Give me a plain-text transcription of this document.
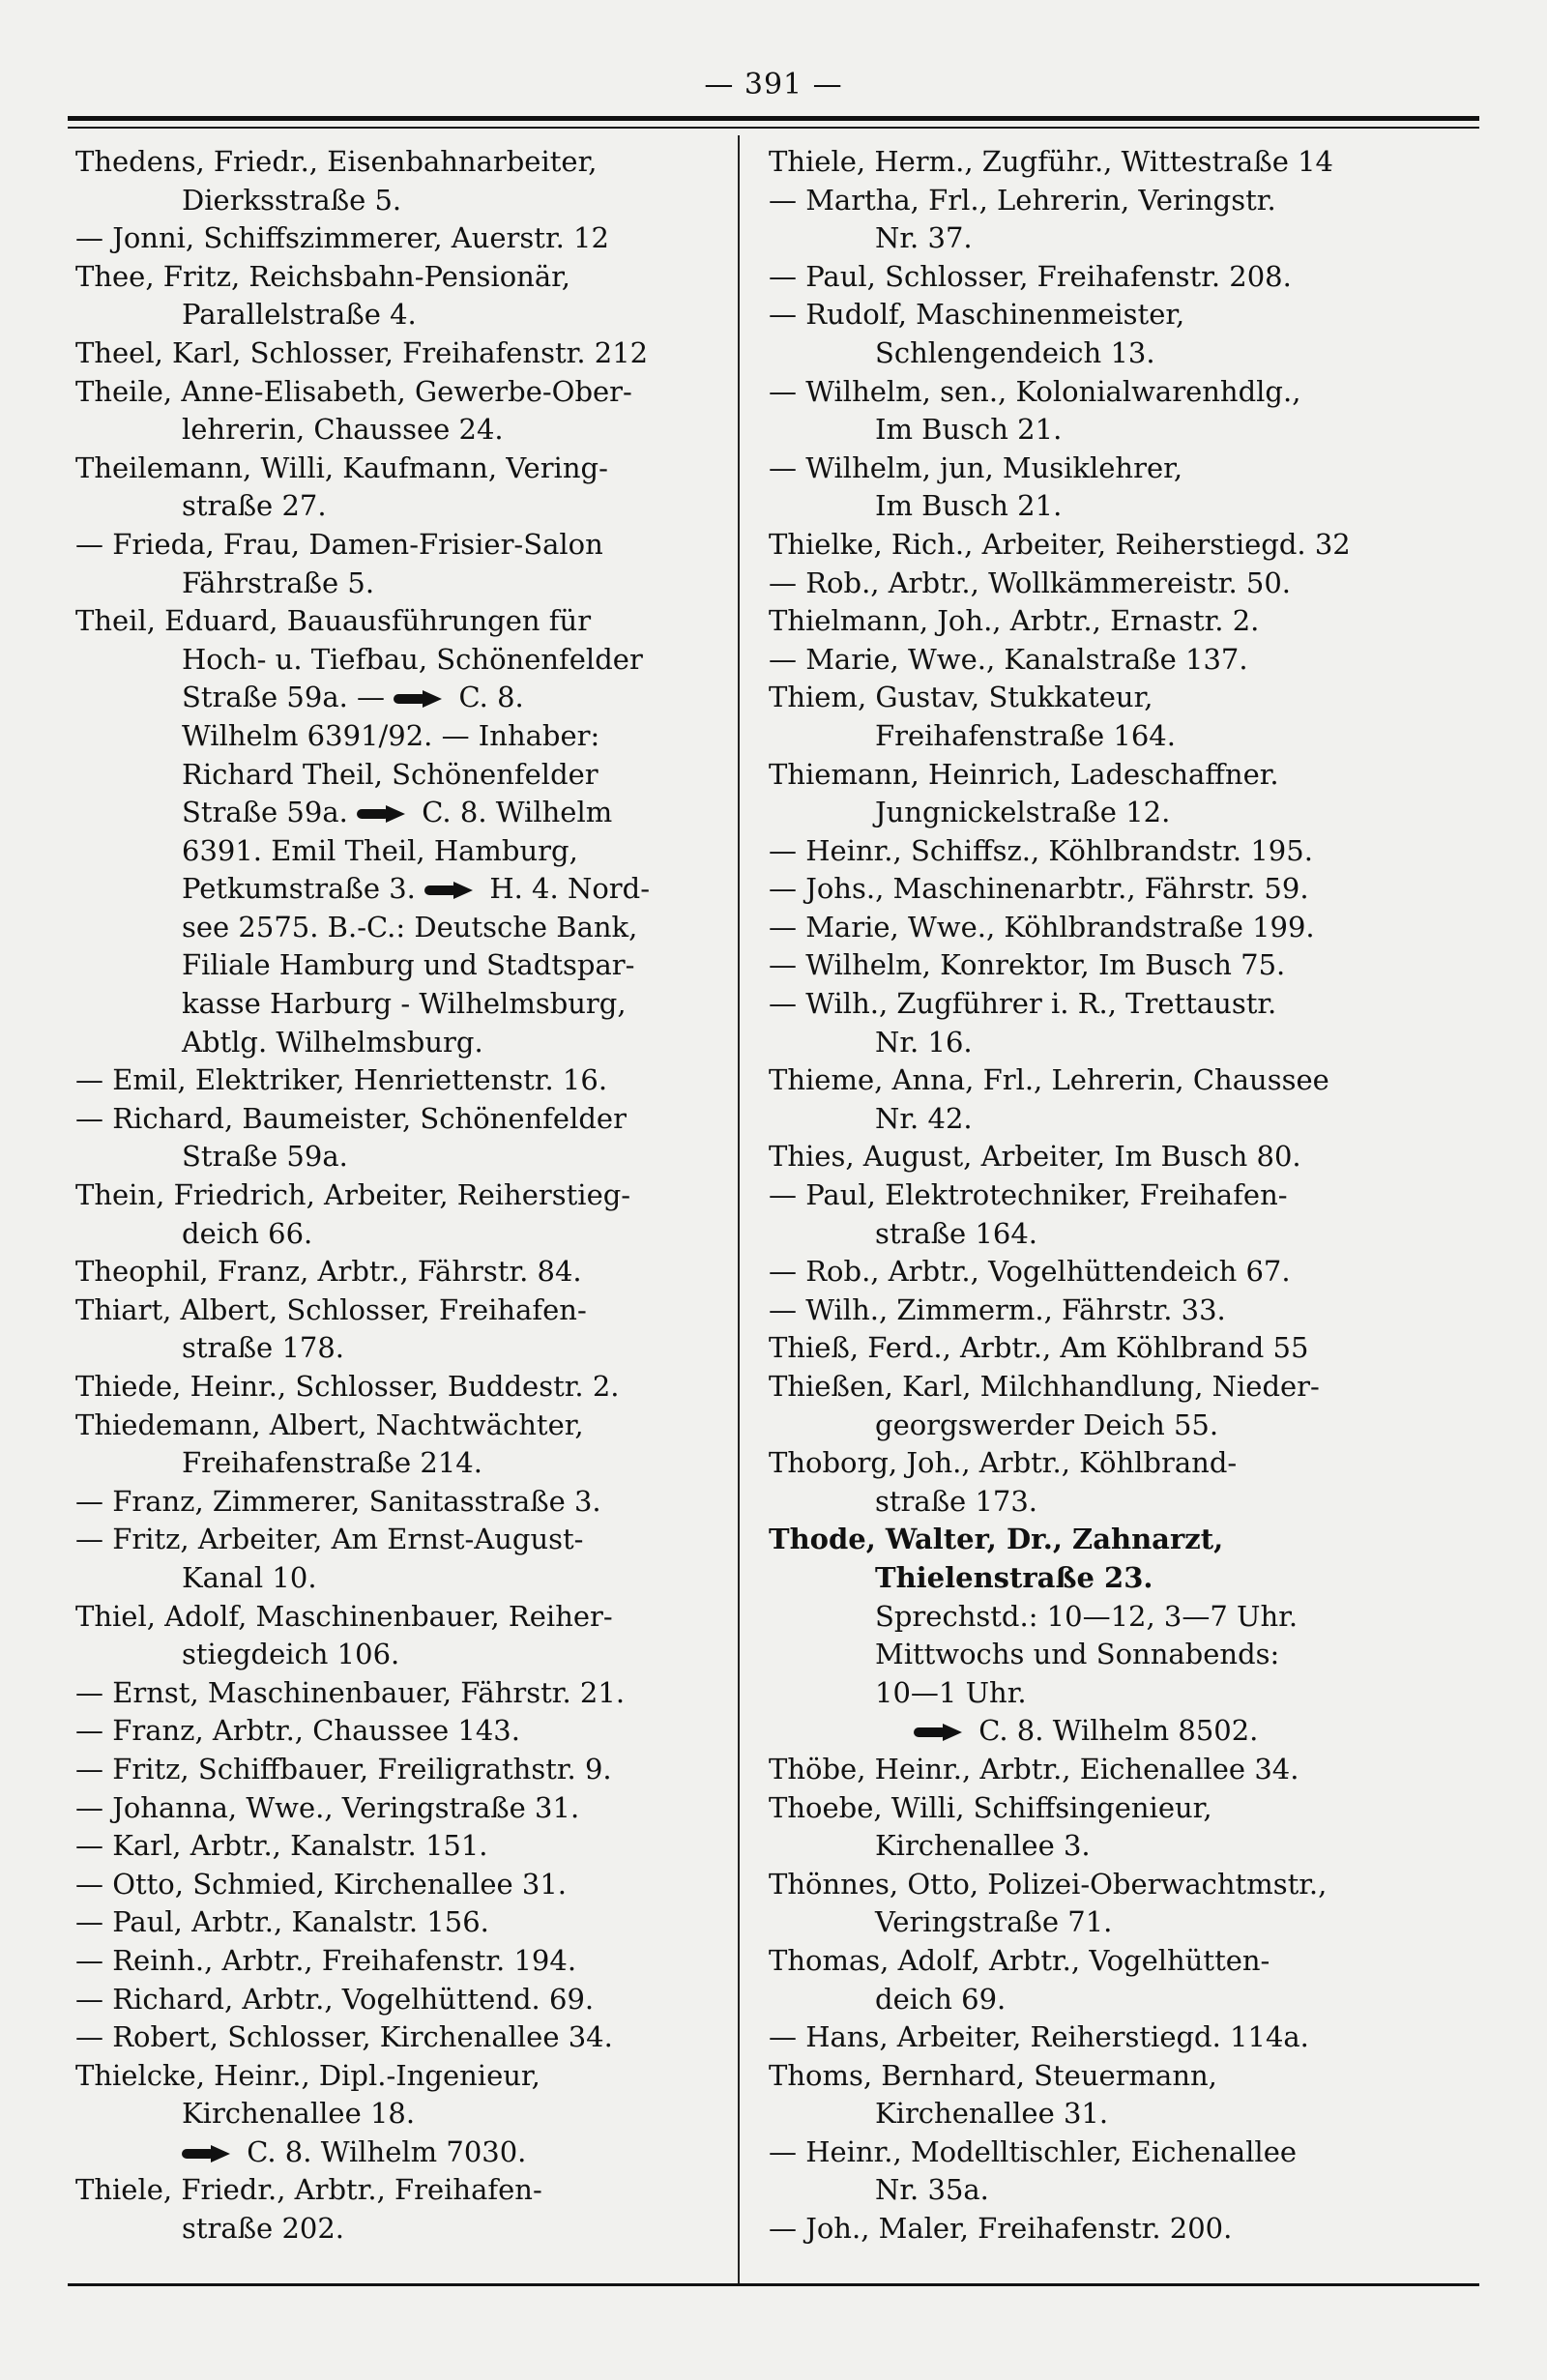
— 391 —
Thedens, Friedr., Eisenbahnarbeiter,
Dierksstraße 5.
— Jonni, Schiffszimmerer, Auerstr. 12
Thee, Fritz, Reichsbahn-Pensionär,
Parallelstraße 4.
Theel, Karl, Schlosser, Freihafenstr. 212
Theile, Anne-Elisabeth, Gewerbe-Ober-
lehrerin, Chaussee 24.
Theilemann, Willi, Kaufmann, Vering-
straße 27.
— Frieda, Frau, Damen-Frisier-Salon
Fährstraße 5.
Theil, Eduard, Bauausführungen für
Hoch- u. Tiefbau, Schönenfelder
Straße 59a. —  C. 8.
Wilhelm 6391/92. — Inhaber:
Richard Theil, Schönenfelder
Straße 59a.  C. 8. Wilhelm
6391. Emil Theil, Hamburg,
Petkumstraße 3.  H. 4. Nord-
see 2575. B.-C.: Deutsche Bank,
Filiale Hamburg und Stadtspar-
kasse Harburg - Wilhelmsburg,
Abtlg. Wilhelmsburg.
— Emil, Elektriker, Henriettenstr. 16.
— Richard, Baumeister, Schönenfelder
Straße 59a.
Thein, Friedrich, Arbeiter, Reiherstieg-
deich 66.
Theophil, Franz, Arbtr., Fährstr. 84.
Thiart, Albert, Schlosser, Freihafen-
straße 178.
Thiede, Heinr., Schlosser, Buddestr. 2.
Thiedemann, Albert, Nachtwächter,
Freihafenstraße 214.
— Franz, Zimmerer, Sanitasstraße 3.
— Fritz, Arbeiter, Am Ernst-August-
Kanal 10.
Thiel, Adolf, Maschinenbauer, Reiher-
stiegdeich 106.
— Ernst, Maschinenbauer, Fährstr. 21.
— Franz, Arbtr., Chaussee 143.
— Fritz, Schiffbauer, Freiligrathstr. 9.
— Johanna, Wwe., Veringstraße 31.
— Karl, Arbtr., Kanalstr. 151.
— Otto, Schmied, Kirchenallee 31.
— Paul, Arbtr., Kanalstr. 156.
— Reinh., Arbtr., Freihafenstr. 194.
— Richard, Arbtr., Vogelhüttend. 69.
— Robert, Schlosser, Kirchenallee 34.
Thielcke, Heinr., Dipl.-Ingenieur,
Kirchenallee 18.
C. 8. Wilhelm 7030.
Thiele, Friedr., Arbtr., Freihafen-
straße 202.
Thiele, Herm., Zugführ., Wittestraße 14
— Martha, Frl., Lehrerin, Veringstr.
Nr. 37.
— Paul, Schlosser, Freihafenstr. 208.
— Rudolf, Maschinenmeister,
Schlengendeich 13.
— Wilhelm, sen., Kolonialwarenhdlg.,
Im Busch 21.
— Wilhelm, jun, Musiklehrer,
Im Busch 21.
Thielke, Rich., Arbeiter, Reiherstiegd. 32
— Rob., Arbtr., Wollkämmereistr. 50.
Thielmann, Joh., Arbtr., Ernastr. 2.
— Marie, Wwe., Kanalstraße 137.
Thiem, Gustav, Stukkateur,
Freihafenstraße 164.
Thiemann, Heinrich, Ladeschaffner.
Jungnickelstraße 12.
— Heinr., Schiffsz., Köhlbrandstr. 195.
— Johs., Maschinenarbtr., Fährstr. 59.
— Marie, Wwe., Köhlbrandstraße 199.
— Wilhelm, Konrektor, Im Busch 75.
— Wilh., Zugführer i. R., Trettaustr.
Nr. 16.
Thieme, Anna, Frl., Lehrerin, Chaussee
Nr. 42.
Thies, August, Arbeiter, Im Busch 80.
— Paul, Elektrotechniker, Freihafen-
straße 164.
— Rob., Arbtr., Vogelhüttendeich 67.
— Wilh., Zimmerm., Fährstr. 33.
Thieß, Ferd., Arbtr., Am Köhlbrand 55
Thießen, Karl, Milchhandlung, Nieder-
georgswerder Deich 55.
Thoborg, Joh., Arbtr., Köhlbrand-
straße 173.
Thode, Walter, Dr., Zahnarzt,
Thielenstraße 23.
Sprechstd.: 10—12, 3—7 Uhr.
Mittwochs und Sonnabends:
10—1 Uhr.
C. 8. Wilhelm 8502.
Thöbe, Heinr., Arbtr., Eichenallee 34.
Thoebe, Willi, Schiffsingenieur,
Kirchenallee 3.
Thönnes, Otto, Polizei-Oberwachtmstr.,
Veringstraße 71.
Thomas, Adolf, Arbtr., Vogelhütten-
deich 69.
— Hans, Arbeiter, Reiherstiegd. 114a.
Thoms, Bernhard, Steuermann,
Kirchenallee 31.
— Heinr., Modelltischler, Eichenallee
Nr. 35a.
— Joh., Maler, Freihafenstr. 200.
